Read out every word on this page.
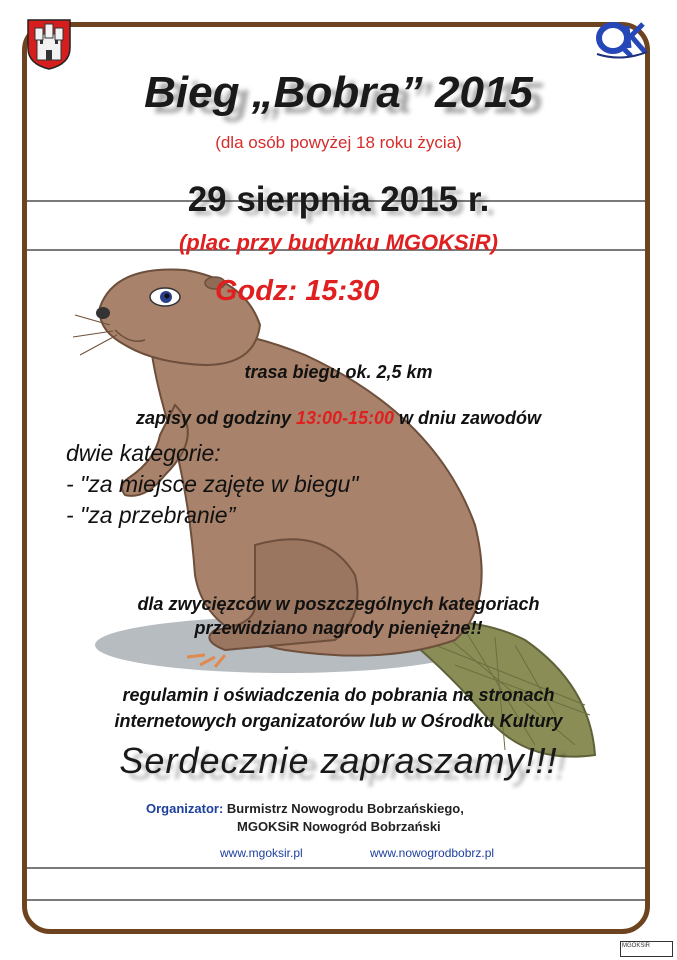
Bieg „Bobra” 2015
(dla osób powyżej 18 roku życia)
29 sierpnia 2015 r.
(plac przy budynku MGOKSiR)
Godz: 15:30
trasa biegu ok. 2,5 km
zapisy od godziny 13:00-15:00 w dniu zawodów
dwie kategorie:
- "za miejsce zajęte w biegu"
- "za przebranie”
dla zwycięzców w poszczególnych kategoriach
przewidziano nagrody pieniężne!!
regulamin i oświadczenia do pobrania na stronach
internetowych organizatorów lub w Ośrodku Kultury
Serdecznie zapraszamy!!!
Organizator: Burmistrz Nowogrodu Bobrzańskiego,
MGOKSiR Nowogród Bobrzański
www.mgoksir.pl	www.nowogrodbobrz.pl
MGOKSiR
